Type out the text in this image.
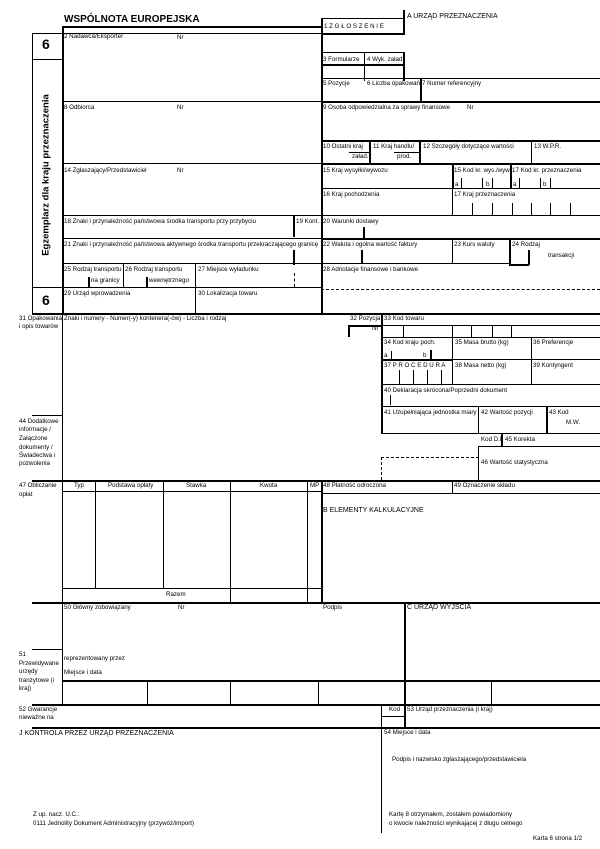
WSPÓLNOTA EUROPEJSKA
6
6
Egzemplarz dla kraju przeznaczenia
A URZĄD PRZEZNACZENIA
1 Z G Ł O S Z E N I E
3 Formularze 4 Wyk. załad.
5 Pozycje	6 Liczba opakowań 7 Numer referencyjny
9 Osoba odpowiedzialna za sprawy finansowe	Nr
10 Ostatni kraj
załad.
11 Kraj handlu/
prod.
12 Szczegóły dotyczące wartości	13 W.P.R.
15 Kraj wysyłki/wywozu	15 Kod kr. wys./wyw. 17 Kod kr. przeznaczenia
a	b	a	b
16 Kraj pochodzenia	17 Kraj przeznaczenia
20 Warunki dostawy
22 Waluta i ogólna wartość faktury	23 Kurs waluty	24 Rodzaj
transakcji
28 Adnotacje finansowe i bankowe
2 Nadawca/Eksporter	Nr
8 Odbiorca	Nr
14 Zgłaszający/Przedstawiciel	Nr
18 Znaki i przynależność państwowa środka transportu przy przybyciu	19 Kont.
21 Znaki i przynależność państwowa aktywnego środka transportu przekraczającego granicę
25 Rodzaj transportu
na granicy
26 Rodzaj transportu
wewnętrznego
27 Miejsce wyładunku
29 Urząd wprowadzenia	30 Lokalizacja towaru
31 Opakowania
i opis towarów
Znaki i numery - Numer(-y) kontenera(-ów) - Liczba i rodzaj	32 Pozycja
Nr
33 Kod towaru
34 Kod kraju poch.	35 Masa brutto (kg)	36 Preferencje
a	b
37 P R O C E D U R A 38 Masa netto (kg)	39 Kontyngent
40 Deklaracja skrócona/Poprzedni dokument
41 Uzupełniająca jednostka miary 42 Wartość pozycji	43 Kod
M.W.
44 Dodatkowe
informacje /
Załączone
dokumenty /
Świadectwa i
pozwolenia
Kod D.I. 45 Korekta
46 Wartość statystyczna
47 Obliczanie
opłat
Typ	Podstawa opłaty	Stawka	Kwota	MP
Razem
48 Płatność odroczona	49 Oznaczenie składu
B ELEMENTY KALKULACYJNE
50 Główny zobowiązany	Nr	Podpis	C URZĄD WYJŚCIA
reprezentowany przez
Miejsce i data
51
Przewidywane
urzędy
tranzytowe (i
kraj)
52 Gwarancje
nieważne na
Kod 53 Urząd przeznaczenia (i kraj)
J KONTROLA PRZEZ URZĄD PRZEZNACZENIA	54 Miejsce i data
Podpis i nazwisko zgłaszającego/przedstawiciela
Z up. nacz. U.C.:
0111 Jednolity Dokument Administracyjny (przywóz/import)
Kartę 8 otrzymałem, zostałem powiadomiony
o kwocie należności wynikającej z długu celnego
Karta 6 strona 1/2
